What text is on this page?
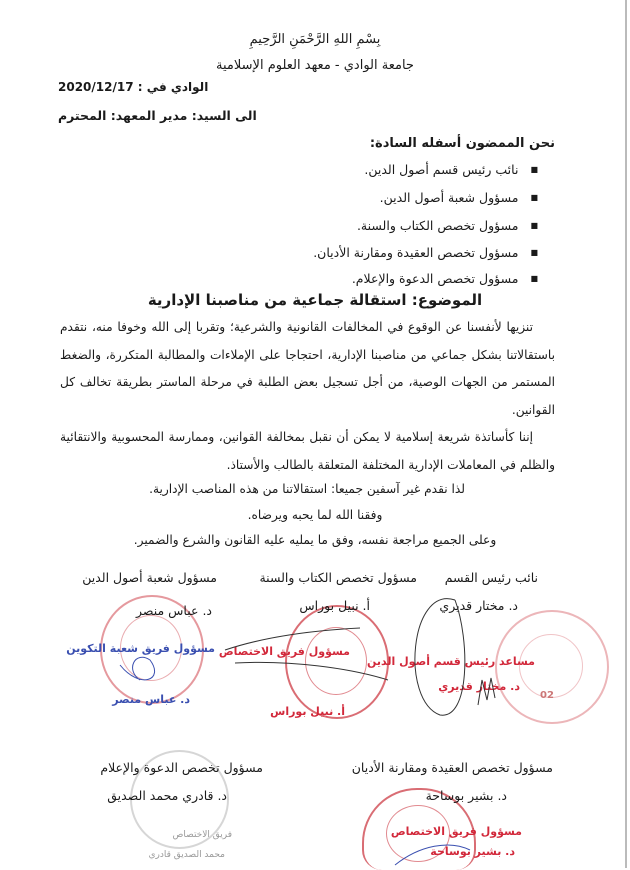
بِسْمِ اللهِ الرَّحْمَنِ الرَّحِيمِ
جامعة الوادي - معهد العلوم الإسلامية
الوادي في : 2020/12/17
الى السيد: مدير المعهد: المحترم
نحن الممضون أسفله السادة:
■ نائب رئيس قسم أصول الدين.
■ مسؤول شعبة أصول الدين.
■ مسؤول تخصص الكتاب والسنة.
■ مسؤول تخصص العقيدة ومقارنة الأديان.
■ مسؤول تخصص الدعوة والإعلام.
الموضوع: استقالة جماعية من مناصبنا الإدارية
تنزيها لأنفسنا عن الوقوع في المخالفات القانونية والشرعية؛ وتقربا إلى الله وخوفا منه، نتقدم باستقالاتنا بشكل جماعي من مناصبنا الإدارية، احتجاجا على الإملاءات والمطالبة المتكررة، والضغط المستمر من الجهات الوصية، من أجل تسجيل بعض الطلبة في مرحلة الماستر بطريقة تخالف كل القوانين.
إننا كأساتذة شريعة إسلامية لا يمكن أن نقبل بمخالفة القوانين، وممارسة المحسوبية والانتقائية والظلم في المعاملات الإدارية المختلفة المتعلقة بالطالب والأستاذ.
لذا نقدم غير آسفين جميعا: استقالاتنا من هذه المناصب الإدارية.
وفقنا الله لما يحبه ويرضاه.
وعلى الجميع مراجعة نفسه، وفق ما يمليه عليه القانون والشرع والضمير.
نائب رئيس القسم
د. مختار قديري
مساعد رئيس قسم أصول الدين
د. مختار قديري
02
مسؤول تخصص الكتاب والسنة
أ. نبيل بوراس
مسؤول فريق الاختصاص
أ. نبيل بوراس
مسؤول شعبة أصول الدين
د. عباس منصر
مسؤول فريق شعبة التكوين
د. عباس منصر
مسؤول تخصص العقيدة ومقارنة الأديان
د. بشير بوساحة
مسؤول فريق الاختصاص
د. بشير بوساحة
مسؤول تخصص الدعوة والإعلام
د. قادري محمد الصديق
فريق الاختصاص
محمد الصديق قادري
